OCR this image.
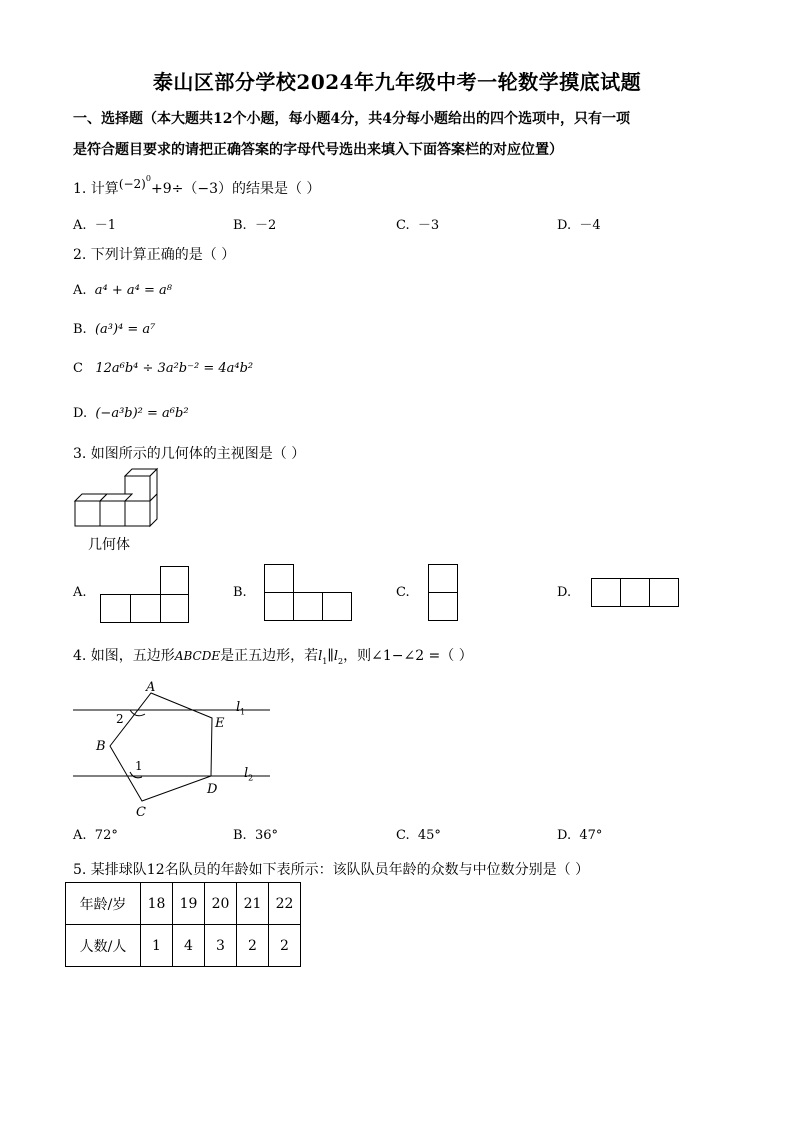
泰山区部分学校2024年九年级中考一轮数学摸底试题
一、选择题（本大题共12个小题，每小题4分，共4分每小题给出的四个选项中，只有一项
是符合题目要求的请把正确答案的字母代号选出来填入下面答案栏的对应位置）
1. 计算$(-2)^0+9\div(-3)$的结果是（ ）
A. －1	B. －2	C. －3	D. －4
2. 下列计算正确的是（ ）
A. a⁴ + a⁴ = a⁸
B. (a³)⁴ = a⁷
C 12a⁶b⁴ ÷ 3a²b⁻² = 4a⁴b²
D. (−a³b)² = a⁶b²
3. 如图所示的几何体的主视图是（ ）
几何体
A.	B.	C.	D.
4. 如图，五边形ABCDE是正五边形，若$l_1\parallel l_2$，则∠1−∠2 =（ ）
A
B
C
D
E
1
2
$l_1$
$l_2$
A. 72°	B. 36°	C. 45°	D. 47°
5. 某排球队12名队员的年龄如下表所示：该队队员年龄的众数与中位数分别是（ ）
年龄/岁	18	19	20	21	22
人数/人	1	4	3	2	2
